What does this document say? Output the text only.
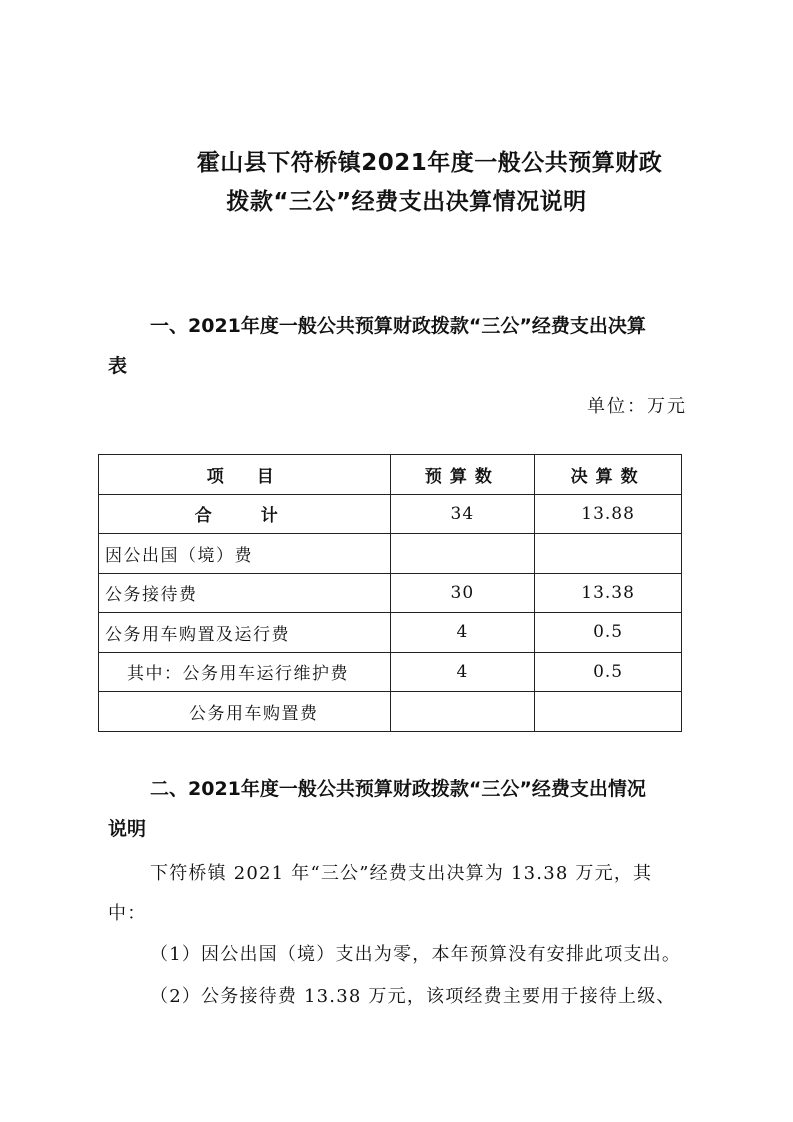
霍山县下符桥镇2021年度一般公共预算财政
拨款“三公”经费支出决算情况说明
一、2021年度一般公共预算财政拨款“三公”经费支出决算
表
单位：万元
项　目	预算数	决算数
合　计	34	13.88
因公出国（境）费		
公务接待费	30	13.38
公务用车购置及运行费	4	0.5
其中：公务用车运行维护费	4	0.5
公务用车购置费		
二、2021年度一般公共预算财政拨款“三公”经费支出情况
说明
下符桥镇 2021 年“三公”经费支出决算为 13.38 万元，其
中：
（1）因公出国（境）支出为零，本年预算没有安排此项支出。
（2）公务接待费 13.38 万元，该项经费主要用于接待上级、
